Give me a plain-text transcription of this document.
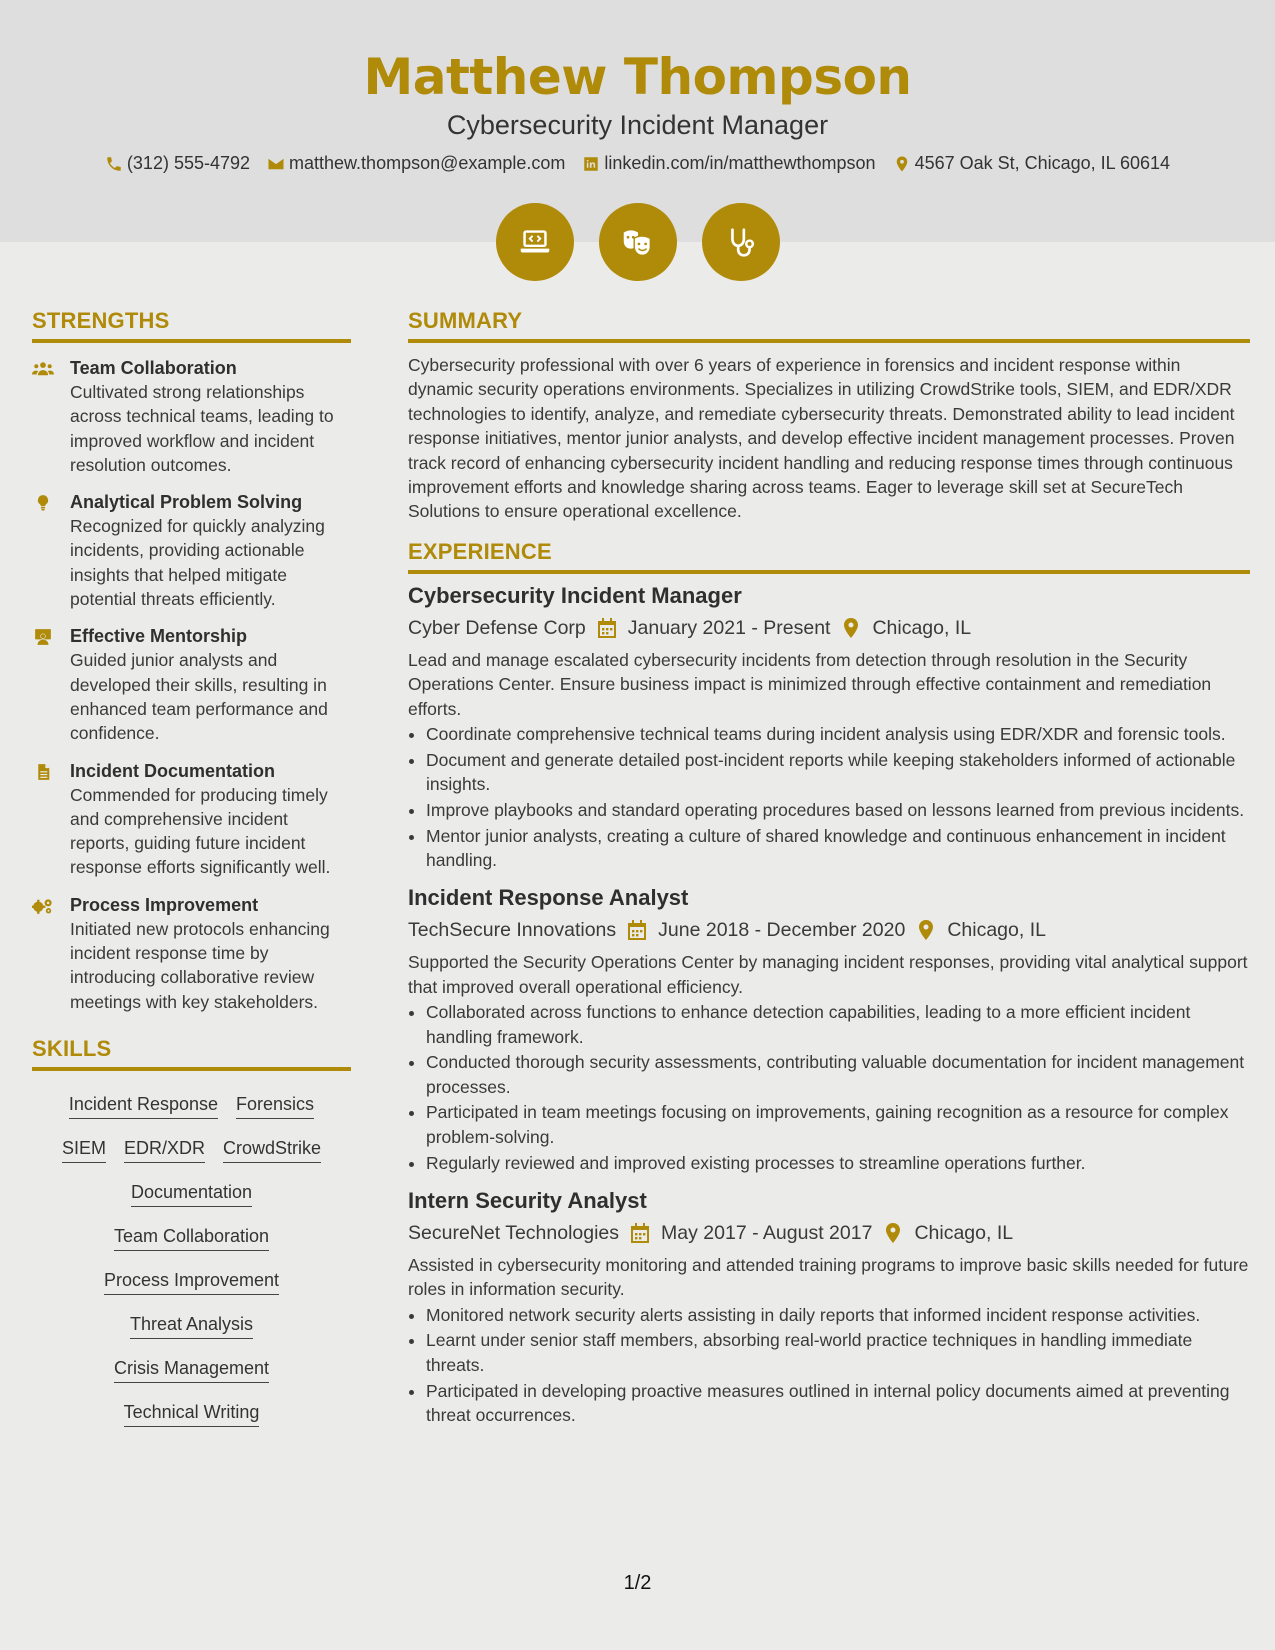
Matthew Thompson
Cybersecurity Incident Manager
(312) 555-4792 matthew.thompson@example.com linkedin.com/in/matthewthompson 4567 Oak St, Chicago, IL 60614
STRENGTHS
Team Collaboration
Cultivated strong relationships across technical teams, leading to improved workflow and incident resolution outcomes.
Analytical Problem Solving
Recognized for quickly analyzing incidents, providing actionable insights that helped mitigate potential threats efficiently.
Effective Mentorship
Guided junior analysts and developed their skills, resulting in enhanced team performance and confidence.
Incident Documentation
Commended for producing timely and comprehensive incident reports, guiding future incident response efforts significantly well.
Process Improvement
Initiated new protocols enhancing incident response time by introducing collaborative review meetings with key stakeholders.
SKILLS
Incident Response Forensics
SIEM EDR/XDR CrowdStrike
Documentation
Team Collaboration
Process Improvement
Threat Analysis
Crisis Management
Technical Writing
SUMMARY
Cybersecurity professional with over 6 years of experience in forensics and incident response within dynamic security operations environments. Specializes in utilizing CrowdStrike tools, SIEM, and EDR/XDR technologies to identify, analyze, and remediate cybersecurity threats. Demonstrated ability to lead incident response initiatives, mentor junior analysts, and develop effective incident management processes. Proven track record of enhancing cybersecurity incident handling and reducing response times through continuous improvement efforts and knowledge sharing across teams. Eager to leverage skill set at SecureTech Solutions to ensure operational excellence.
EXPERIENCE
Cybersecurity Incident Manager
Cyber Defense Corp January 2021 - Present Chicago, IL
Lead and manage escalated cybersecurity incidents from detection through resolution in the Security Operations Center. Ensure business impact is minimized through effective containment and remediation efforts.
• Coordinate comprehensive technical teams during incident analysis using EDR/XDR and forensic tools.
• Document and generate detailed post-incident reports while keeping stakeholders informed of actionable insights.
• Improve playbooks and standard operating procedures based on lessons learned from previous incidents.
• Mentor junior analysts, creating a culture of shared knowledge and continuous enhancement in incident handling.
Incident Response Analyst
TechSecure Innovations June 2018 - December 2020 Chicago, IL
Supported the Security Operations Center by managing incident responses, providing vital analytical support that improved overall operational efficiency.
• Collaborated across functions to enhance detection capabilities, leading to a more efficient incident handling framework.
• Conducted thorough security assessments, contributing valuable documentation for incident management processes.
• Participated in team meetings focusing on improvements, gaining recognition as a resource for complex problem-solving.
• Regularly reviewed and improved existing processes to streamline operations further.
Intern Security Analyst
SecureNet Technologies May 2017 - August 2017 Chicago, IL
Assisted in cybersecurity monitoring and attended training programs to improve basic skills needed for future roles in information security.
• Monitored network security alerts assisting in daily reports that informed incident response activities.
• Learnt under senior staff members, absorbing real-world practice techniques in handling immediate threats.
• Participated in developing proactive measures outlined in internal policy documents aimed at preventing threat occurrences.
1/2
